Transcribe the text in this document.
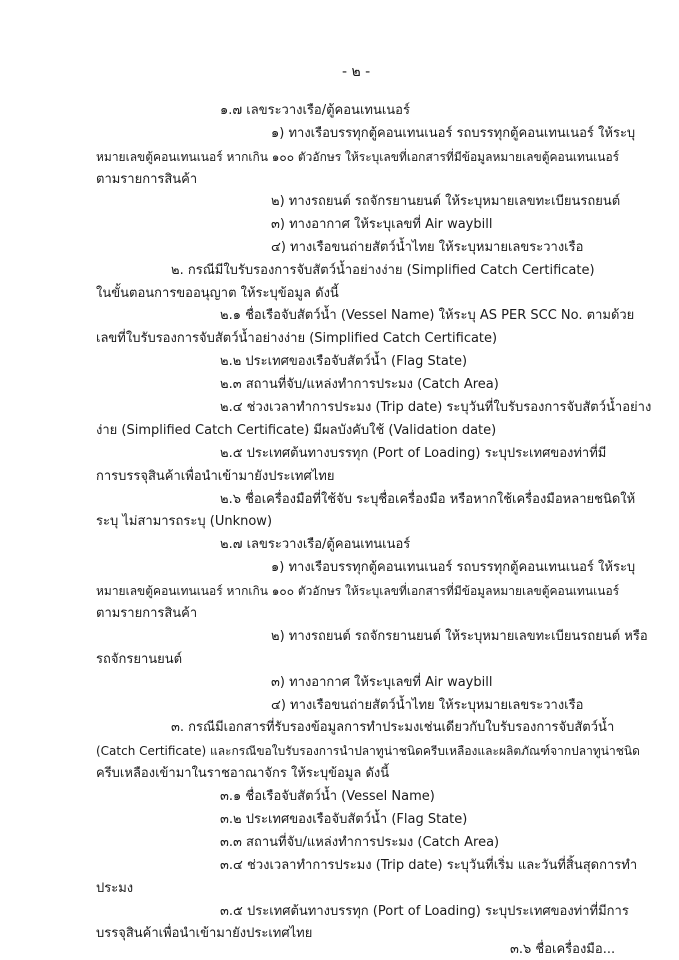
- ๒ -
๑.๗ เลขระวางเรือ/ตู้คอนเทนเนอร์
๑) ทางเรือบรรทุกตู้คอนเทนเนอร์ รถบรรทุกตู้คอนเทนเนอร์ ให้ระบุ
หมายเลขตู้คอนเทนเนอร์ หากเกิน ๑๐๐ ตัวอักษร ให้ระบุเลขที่เอกสารที่มีข้อมูลหมายเลขตู้คอนเทนเนอร์
ตามรายการสินค้า
๒) ทางรถยนต์ รถจักรยานยนต์ ให้ระบุหมายเลขทะเบียนรถยนต์
๓) ทางอากาศ ให้ระบุเลขที่ Air waybill
๔) ทางเรือขนถ่ายสัตว์น้ำไทย ให้ระบุหมายเลขระวางเรือ
๒. กรณีมีใบรับรองการจับสัตว์น้ำอย่างง่าย (Simplified Catch Certificate)
ในขั้นตอนการขออนุญาต ให้ระบุข้อมูล ดังนี้
๒.๑ ชื่อเรือจับสัตว์น้ำ (Vessel Name) ให้ระบุ AS PER SCC No. ตามด้วย
เลขที่ใบรับรองการจับสัตว์น้ำอย่างง่าย (Simplified Catch Certificate)
๒.๒ ประเทศของเรือจับสัตว์น้ำ (Flag State)
๒.๓ สถานที่จับ/แหล่งทำการประมง (Catch Area)
๒.๔ ช่วงเวลาทำการประมง (Trip date) ระบุวันที่ใบรับรองการจับสัตว์น้ำอย่าง
ง่าย (Simplified Catch Certificate) มีผลบังคับใช้ (Validation date)
๒.๕ ประเทศต้นทางบรรทุก (Port of Loading) ระบุประเทศของท่าที่มี
การบรรจุสินค้าเพื่อนำเข้ามายังประเทศไทย
๒.๖ ชื่อเครื่องมือที่ใช้จับ ระบุชื่อเครื่องมือ หรือหากใช้เครื่องมือหลายชนิดให้
ระบุ ไม่สามารถระบุ (Unknow)
๒.๗ เลขระวางเรือ/ตู้คอนเทนเนอร์
๑) ทางเรือบรรทุกตู้คอนเทนเนอร์ รถบรรทุกตู้คอนเทนเนอร์ ให้ระบุ
หมายเลขตู้คอนเทนเนอร์ หากเกิน ๑๐๐ ตัวอักษร ให้ระบุเลขที่เอกสารที่มีข้อมูลหมายเลขตู้คอนเทนเนอร์
ตามรายการสินค้า
๒) ทางรถยนต์ รถจักรยานยนต์ ให้ระบุหมายเลขทะเบียนรถยนต์ หรือ
รถจักรยานยนต์
๓) ทางอากาศ ให้ระบุเลขที่ Air waybill
๔) ทางเรือขนถ่ายสัตว์น้ำไทย ให้ระบุหมายเลขระวางเรือ
๓. กรณีมีเอกสารที่รับรองข้อมูลการทำประมงเช่นเดียวกับใบรับรองการจับสัตว์น้ำ
(Catch Certificate) และกรณีขอใบรับรองการนำปลาทูน่าชนิดครีบเหลืองและผลิตภัณฑ์จากปลาทูน่าชนิด
ครีบเหลืองเข้ามาในราชอาณาจักร ให้ระบุข้อมูล ดังนี้
๓.๑ ชื่อเรือจับสัตว์น้ำ (Vessel Name)
๓.๒ ประเทศของเรือจับสัตว์น้ำ (Flag State)
๓.๓ สถานที่จับ/แหล่งทำการประมง (Catch Area)
๓.๔ ช่วงเวลาทำการประมง (Trip date) ระบุวันที่เริ่ม และวันที่สิ้นสุดการทำ
ประมง
๓.๕ ประเทศต้นทางบรรทุก (Port of Loading) ระบุประเทศของท่าที่มีการ
บรรจุสินค้าเพื่อนำเข้ามายังประเทศไทย
๓.๖ ชื่อเครื่องมือ...
